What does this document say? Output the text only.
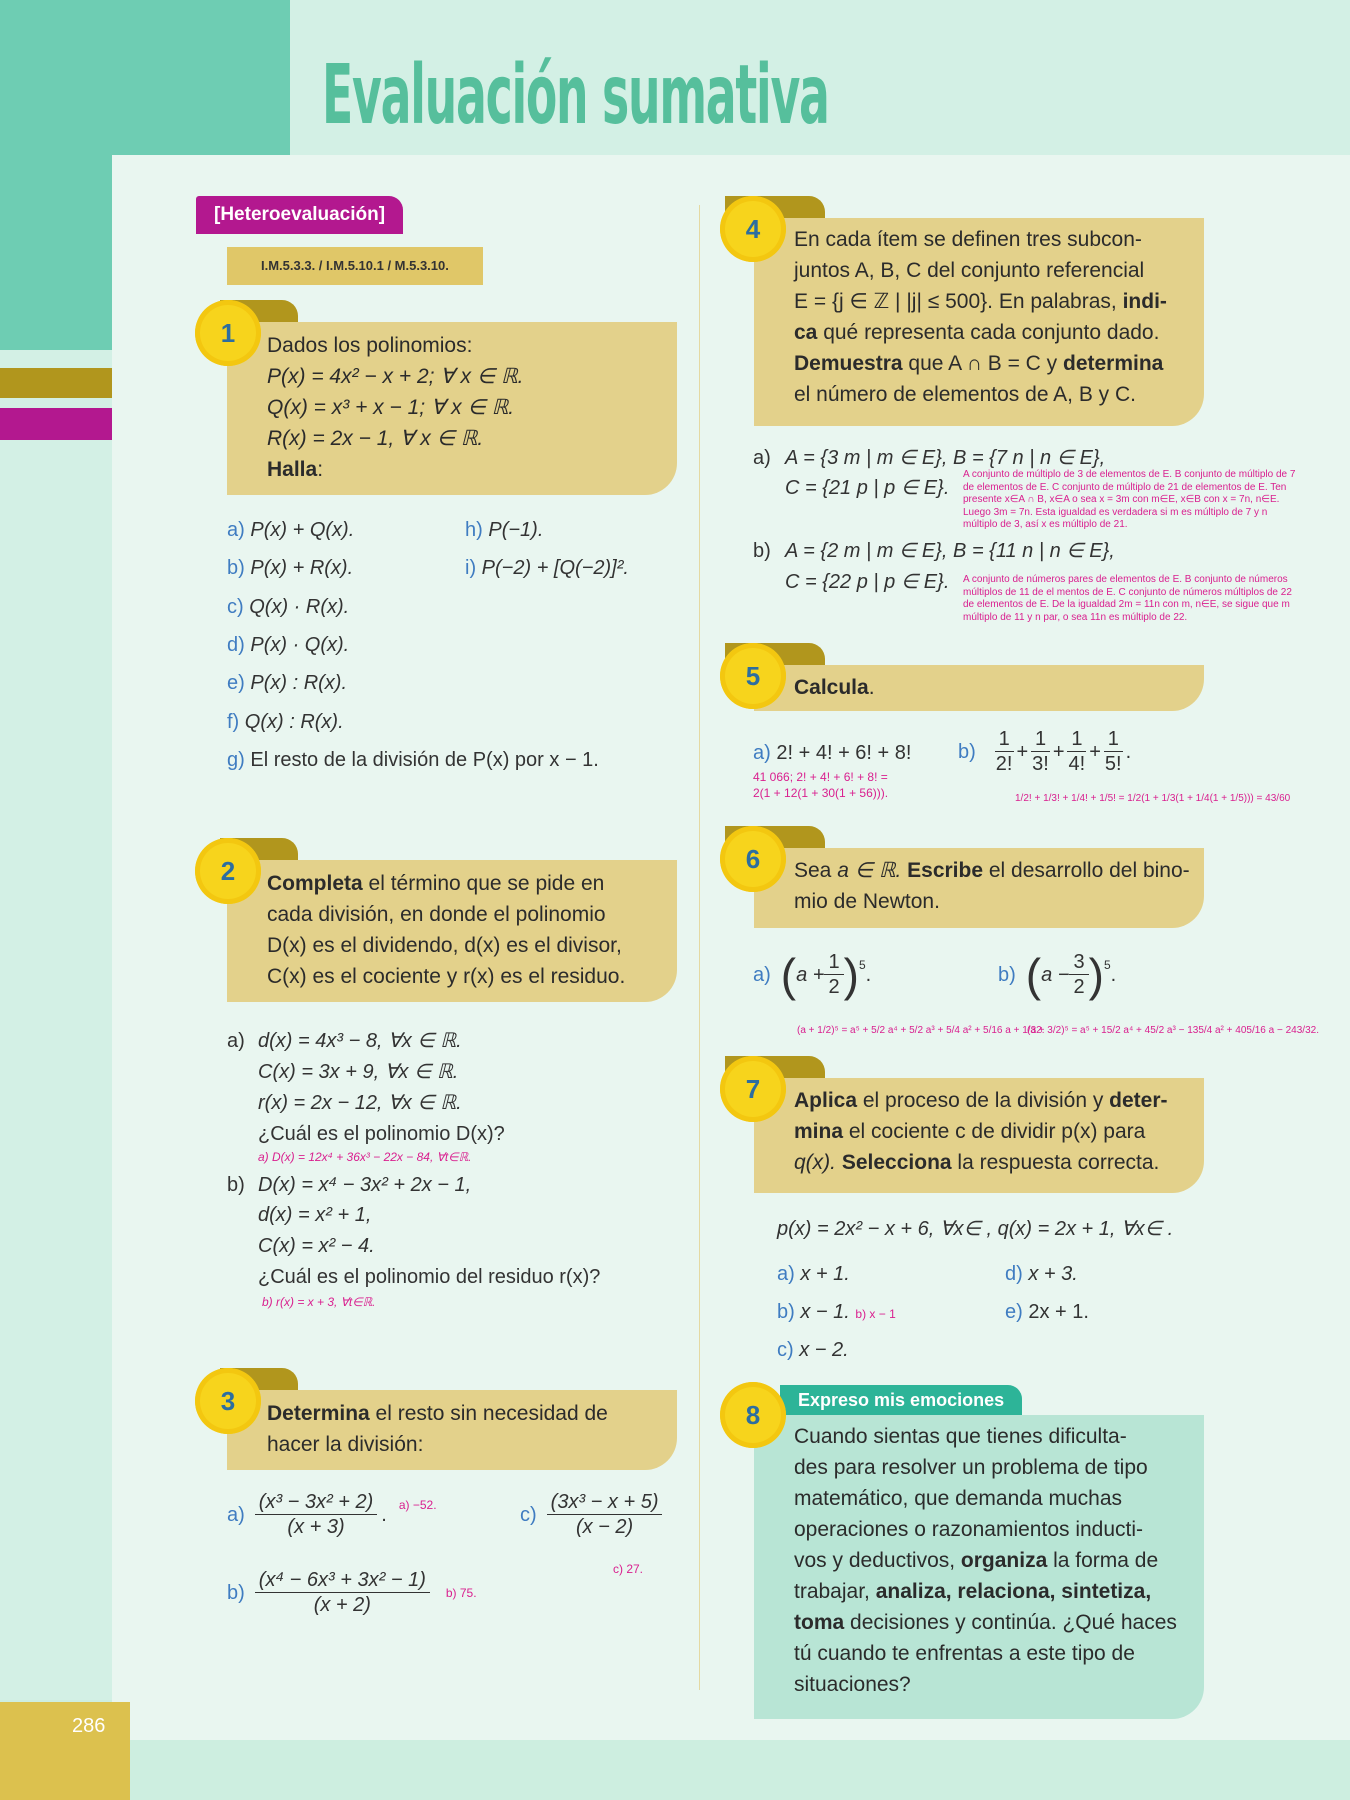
Evaluación sumativa
286
[Heteroevaluación]
I.M.5.3.3. / I.M.5.10.1 / M.5.3.10.
Dados los polinomios:
P(x) = 4x² − x + 2; ∀ x ∈ ℝ.
Q(x) = x³ + x − 1; ∀ x ∈ ℝ.
R(x) = 2x − 1, ∀ x ∈ ℝ.
Halla:
1
a) P(x) + Q(x).
b) P(x) + R(x).
c) Q(x) · R(x).
d) P(x) · Q(x).
e) P(x) : R(x).
f) Q(x) : R(x).
g) El resto de la división de P(x) por x − 1.
h) P(−1).
i) P(−2) + [Q(−2)]².
Completa el término que se pide en
cada división, en donde el polinomio
D(x) es el dividendo, d(x) es el divisor,
C(x) es el cociente y r(x) es el residuo.
2
a) d(x) = 4x³ − 8, ∀x ∈ ℝ.
C(x) = 3x + 9, ∀x ∈ ℝ.
r(x) = 2x − 12, ∀x ∈ ℝ.
¿Cuál es el polinomio D(x)?
a) D(x) = 12x⁴ + 36x³ − 22x − 84, ∀t∈ℝ.
b) D(x) = x⁴ − 3x² + 2x − 1,
d(x) = x² + 1,
C(x) = x² − 4.
¿Cuál es el polinomio del residuo r(x)?
b) r(x) = x + 3, ∀t∈ℝ.
Determina el resto sin necesidad de
hacer la división:
3
$a) \frac{\text{(x³ − 3x² + 2)}}{(x + 3)}$ . a) −52.
$b) \frac{\text{(x⁴ − 6x³ + 3x² − 1)}}{(x + 2)} b$) 75.
$c) \frac{\text{(3x³ − x + 5)}}{(x - 2)}$
c) 27.
En cada ítem se definen tres subcon-
juntos A, B, C del conjunto referencial
E = {j ∈ ℤ | |j| ≤ 500}. En palabras, indi-
ca qué representa cada conjunto dado.
Demuestra que A ∩ B = C y determina
el número de elementos de A, B y C.
4
a) A = {3 m | m ∈ E}, B = {7 n | n ∈ E},
C = {21 p | p ∈ E}.
A conjunto de múltiplo de 3 de elementos de E. B conjunto de múltiplo de 7 de elementos de E. C conjunto de múltiplo de 21 de elementos de E. Ten presente x∈A ∩ B, x∈A o sea x = 3m con m∈E, x∈B con x = 7n, n∈E. Luego 3m = 7n. Esta igualdad es verdadera si m es múltiplo de 7 y n múltiplo de 3, así x es múltiplo de 21.
b) A = {2 m | m ∈ E}, B = {11 n | n ∈ E},
C = {22 p | p ∈ E}. A conjunto de números pares de elementos de E. B conjunto de números múltiplos de 11 de el mentos de E. C conjunto de números múltiplos de 22 de elementos de E. De la igualdad 2m = 11n con m, n∈E, se sigue que m múltiplo de 11 y n par, o sea 11n es múltiplo de 22.
Calcula.
5
a) 2! + 4! + 6! + 8!
41 066; 2! + 4! + 6! + 8! =
2(1 + 12(1 + 30(1 + 56))).
$b) \frac{1}{2!} + \frac{1}{3!} + \frac{1}{4!} + \frac{1}{5!}$ .
1/2! + 1/3! + 1/4! + 1/5! = 1/2(1 + 1/3(1 + 1/4(1 + 1/5))) = 43/60
Sea a ∈ ℝ. Escribe el desarrollo del bino-
mio de Newton.
6
a) ( $a + \frac{1}{2} )^5$ .	b) ( $a - \frac{3}{2} )^5$ .
(a + 1/2)⁵ = a⁵ + 5/2 a⁴ + 5/2 a³ + 5/4 a² + 5/16 a + 1/32.
(a + 3/2)⁵ = a⁵ + 15/2 a⁴ + 45/2 a³ − 135/4 a² + 405/16 a − 243/32.
Aplica el proceso de la división y deter-
mina el cociente c de dividir p(x) para
q(x). Selecciona la respuesta correcta.
7
p(x) = 2x² − x + 6, ∀x∈ , q(x) = 2x + 1, ∀x∈ .
a) x + 1.
b) x − 1. b) x − 1
c) x − 2.
d) x + 3.
e) 2x + 1.
Expreso mis emociones
Cuando sientas que tienes dificulta-
des para resolver un problema de tipo
matemático, que demanda muchas
operaciones o razonamientos inducti-
vos y deductivos, organiza la forma de
trabajar, analiza, relaciona, sintetiza,
toma decisiones y continúa. ¿Qué haces
tú cuando te enfrentas a este tipo de
situaciones?
8
